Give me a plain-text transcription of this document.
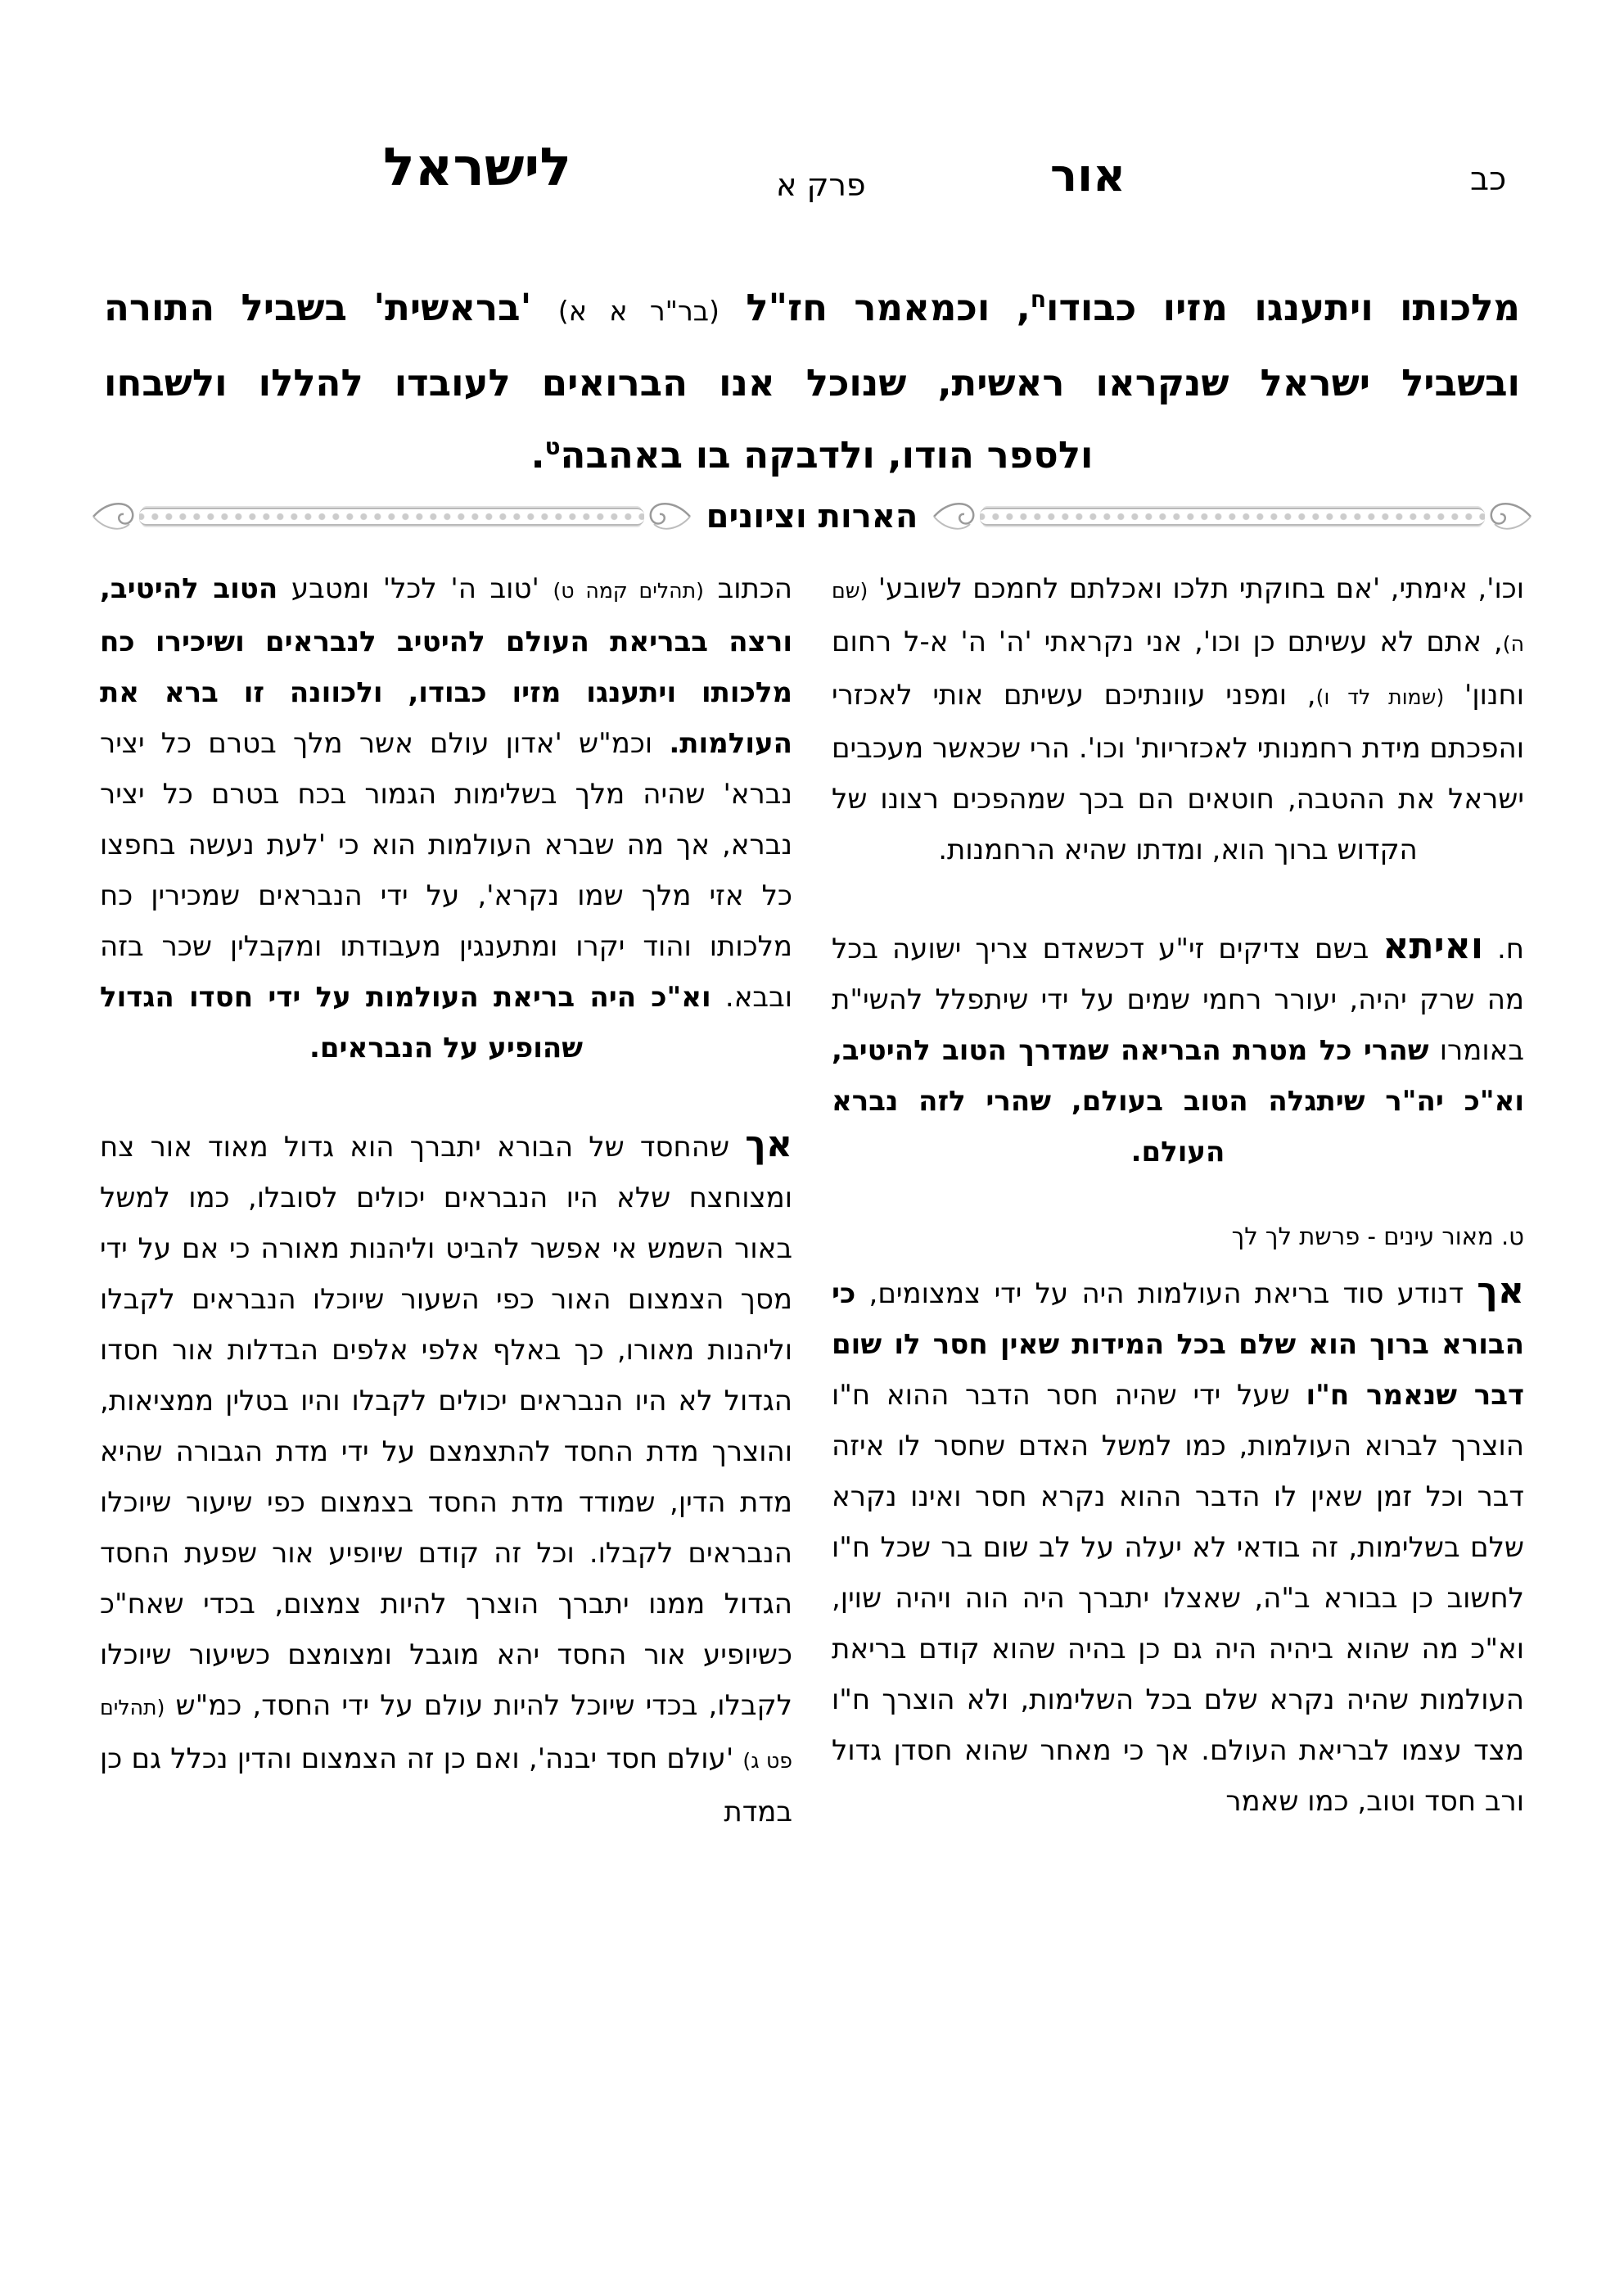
כב
אור
פרק א
לישראל
מלכותו ויתענגו מזיו כבודו$^ח$, וכמאמר חז"ל (בר"ר א א) 'בראשית' בשביל התורה
ובשביל ישראל שנקראו ראשית, שנוכל אנו הברואים לעובדו להללו ולשבחו
ולספר הודו, ולדבקה בו באהבה$^ט$.
הארות וציונים

וכו', אימתי, 'אם בחוקתי תלכו ואכלתם לחמכם לשובע' (שם ה), אתם לא עשיתם כן וכו', אני נקראתי 'ה' ה' א-ל רחום וחנון' (שמות לד ו), ומפני עוונתיכם עשיתם אותי לאכזרי והפכתם מידת רחמנותי לאכזריות' וכו'. הרי שכאשר מעכבים ישראל את ההטבה, חוטאים הם בכך שמהפכים רצונו של הקדוש ברוך הוא, ומדתו שהיא הרחמנות.

ח. ואיתא בשם צדיקים זי"ע דכשאדם צריך ישועה בכל מה שרק יהיה, יעורר רחמי שמים על ידי שיתפלל להשי"ת באומרו שהרי כל מטרת הבריאה שמדרך הטוב להיטיב, וא"כ יה"ר שיתגלה הטוב בעולם, שהרי לזה נברא העולם.

ט. מאור עינים - פרשת לך לך

אך דנודע סוד בריאת העולמות היה על ידי צמצומים, כי הבורא ברוך הוא שלם בכל המידות שאין חסר לו שום דבר שנאמר ח"ו שעל ידי שהיה חסר הדבר ההוא ח"ו הוצרך לברוא העולמות, כמו למשל האדם שחסר לו איזה דבר וכל זמן שאין לו הדבר ההוא נקרא חסר ואינו נקרא שלם בשלימות, זה בודאי לא יעלה על לב שום בר שכל ח"ו לחשוב כן בבורא ב"ה, שאצלו יתברך היה הוה ויהיה שוין, וא"כ מה שהוא ביהיה היה גם כן בהיה שהוא קודם בריאת העולמות שהיה נקרא שלם בכל השלימות, ולא הוצרך ח"ו מצד עצמו לבריאת העולם. אך כי מאחר שהוא חסדן גדול ורב חסד וטוב, כמו שאמר

הכתוב (תהלים קמה ט) 'טוב ה' לכל' ומטבע הטוב להיטיב, ורצה בבריאת העולם להיטיב לנבראים ושיכירו כח מלכותו ויתענגו מזיו כבודו, ולכוונה זו ברא את העולמות. וכמ"ש 'אדון עולם אשר מלך בטרם כל יציר נברא' שהיה מלך בשלימות הגמור בכח בטרם כל יציר נברא, אך מה שברא העולמות הוא כי 'לעת נעשה בחפצו כל אזי מלך שמו נקרא', על ידי הנבראים שמכירין כח מלכותו והוד יקרו ומתענגין מעבודתו ומקבלין שכר בזה ובבא. וא"כ היה בריאת העולמות על ידי חסדו הגדול שהופיע על הנבראים.

אך שהחסד של הבורא יתברך הוא גדול מאוד אור צח ומצוחצח שלא היו הנבראים יכולים לסובלו, כמו למשל באור השמש אי אפשר להביט וליהנות מאורה כי אם על ידי מסך הצמצום האור כפי השעור שיוכלו הנבראים לקבלו וליהנות מאורו, כך באלף אלפי אלפים הבדלות אור חסדו הגדול לא היו הנבראים יכולים לקבלו והיו בטלין ממציאות, והוצרך מדת החסד להתצמצם על ידי מדת הגבורה שהיא מדת הדין, שמודד מדת החסד בצמצום כפי שיעור שיוכלו הנבראים לקבלו. וכל זה קודם שיופיע אור שפעת החסד הגדול ממנו יתברך הוצרך להיות צמצום, בכדי שאח"כ כשיופיע אור החסד יהא מוגבל ומצומצם כשיעור שיוכלו לקבלו, בכדי שיוכל להיות עולם על ידי החסד, כמ"ש (תהלים פט ג) 'עולם חסד יבנה', ואם כן זה הצמצום והדין נכלל גם כן במדת
